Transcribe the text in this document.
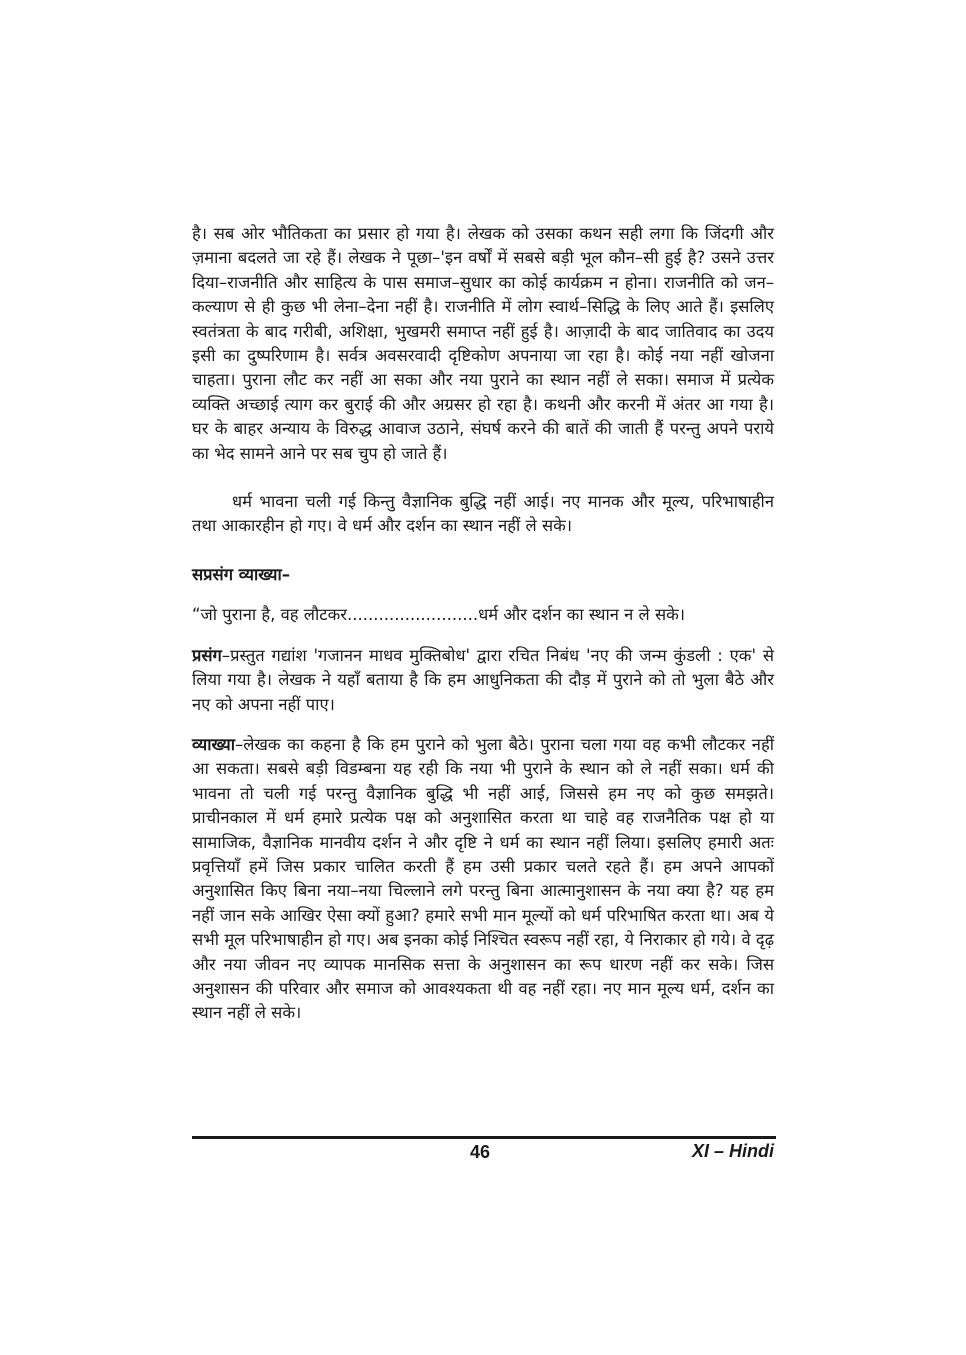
है। सब ओर भौतिकता का प्रसार हो गया है। लेखक को उसका कथन सही लगा कि जिंदगी और ज़माना बदलते जा रहे हैं। लेखक ने पूछा–'इन वर्षों में सबसे बड़ी भूल कौन–सी हुई है? उसने उत्तर दिया–राजनीति और साहित्य के पास समाज–सुधार का कोई कार्यक्रम न होना। राजनीति को जन–कल्याण से ही कुछ भी लेना–देना नहीं है। राजनीति में लोग स्वार्थ–सिद्धि के लिए आते हैं। इसलिए स्वतंत्रता के बाद गरीबी, अशिक्षा, भुखमरी समाप्त नहीं हुई है। आज़ादी के बाद जातिवाद का उदय इसी का दुष्परिणाम है। सर्वत्र अवसरवादी दृष्टिकोण अपनाया जा रहा है। कोई नया नहीं खोजना चाहता। पुराना लौट कर नहीं आ सका और नया पुराने का स्थान नहीं ले सका। समाज में प्रत्येक व्यक्ति अच्छाई त्याग कर बुराई की और अग्रसर हो रहा है। कथनी और करनी में अंतर आ गया है। घर के बाहर अन्याय के विरुद्ध आवाज उठाने, संघर्ष करने की बातें की जाती हैं परन्तु अपने पराये का भेद सामने आने पर सब चुप हो जाते हैं।

धर्म भावना चली गई किन्तु वैज्ञानिक बुद्धि नहीं आई। नए मानक और मूल्य, परिभाषाहीन तथा आकारहीन हो गए। वे धर्म और दर्शन का स्थान नहीं ले सके।

सप्रसंग व्याख्या–

“जो पुराना है, वह लौटकर.........................धर्म और दर्शन का स्थान न ले सके।

प्रसंग–प्रस्तुत गद्यांश 'गजानन माधव मुक्तिबोध' द्वारा रचित निबंध 'नए की जन्म कुंडली : एक' से लिया गया है। लेखक ने यहाँ बताया है कि हम आधुनिकता की दौड़ में पुराने को तो भुला बैठे और नए को अपना नहीं पाए।

व्याख्या–लेखक का कहना है कि हम पुराने को भुला बैठे। पुराना चला गया वह कभी लौटकर नहीं आ सकता। सबसे बड़ी विडम्बना यह रही कि नया भी पुराने के स्थान को ले नहीं सका। धर्म की भावना तो चली गई परन्तु वैज्ञानिक बुद्धि भी नहीं आई, जिससे हम नए को कुछ समझते। प्राचीनकाल में धर्म हमारे प्रत्येक पक्ष को अनुशासित करता था चाहे वह राजनैतिक पक्ष हो या सामाजिक, वैज्ञानिक मानवीय दर्शन ने और दृष्टि ने धर्म का स्थान नहीं लिया। इसलिए हमारी अतः प्रवृत्तियाँ हमें जिस प्रकार चालित करती हैं हम उसी प्रकार चलते रहते हैं। हम अपने आपकों अनुशासित किए बिना नया–नया चिल्लाने लगे परन्तु बिना आत्मानुशासन के नया क्या है? यह हम नहीं जान सके आखिर ऐसा क्यों हुआ? हमारे सभी मान मूल्यों को धर्म परिभाषित करता था। अब ये सभी मूल परिभाषाहीन हो गए। अब इनका कोई निश्चित स्वरूप नहीं रहा, ये निराकार हो गये। वे दृढ़ और नया जीवन नए व्यापक मानसिक सत्ता के अनुशासन का रूप धारण नहीं कर सके। जिस अनुशासन की परिवार और समाज को आवश्यकता थी वह नहीं रहा। नए मान मूल्य धर्म, दर्शन का स्थान नहीं ले सके।

46	XI – Hindi
